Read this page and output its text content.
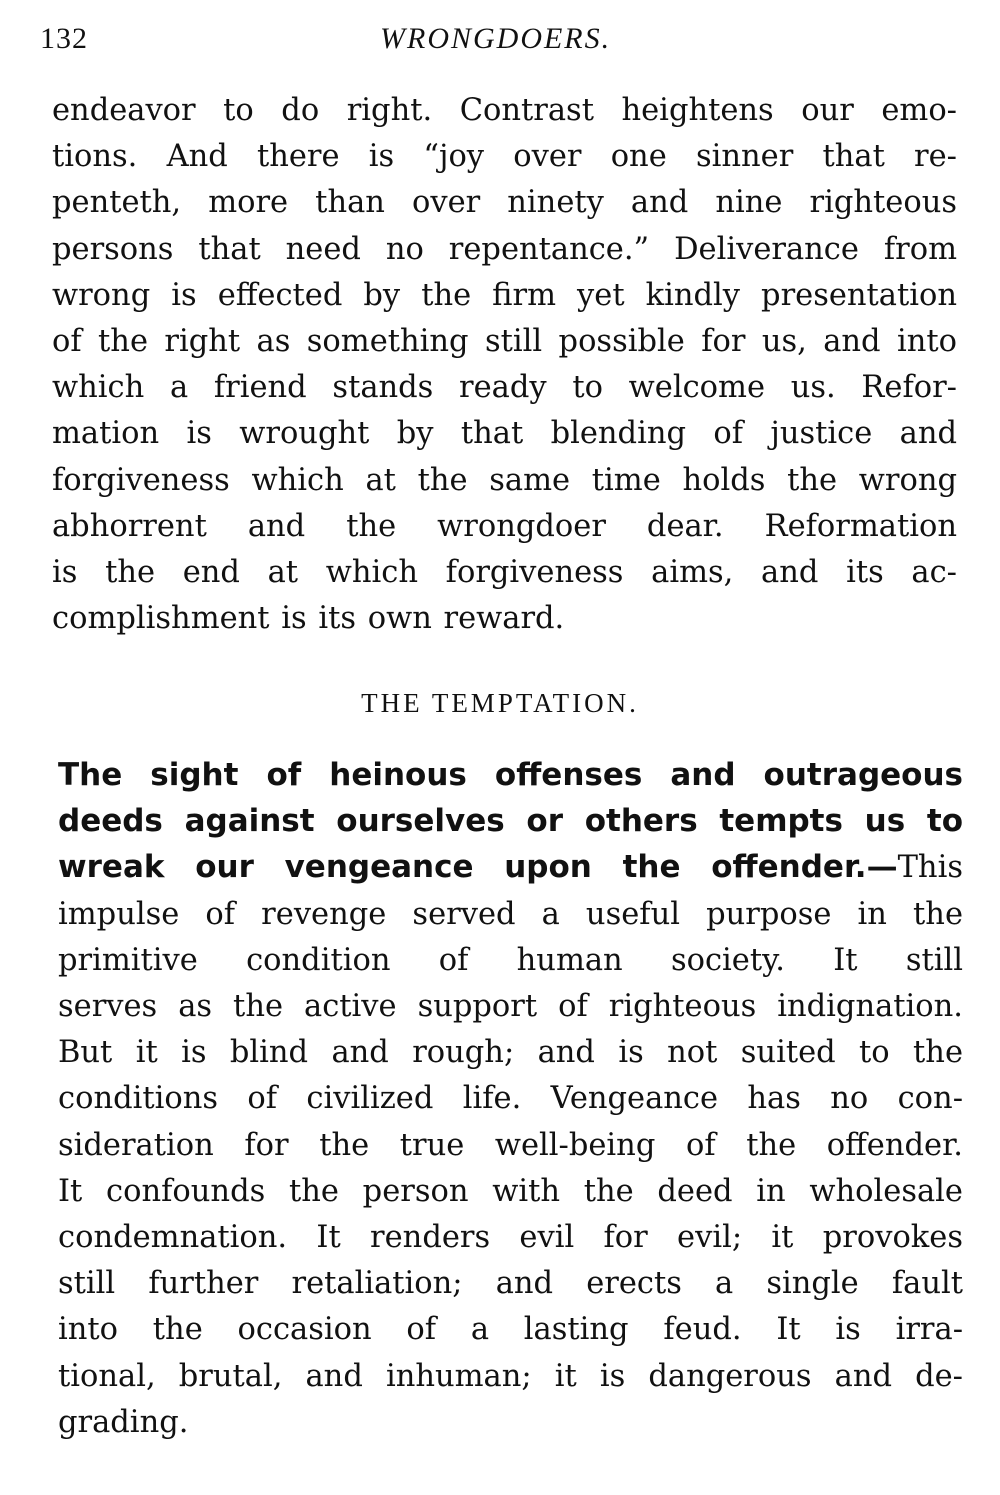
132	WRONGDOERS.
endeavor to do right. Contrast heightens our emo-
tions. And there is “joy over one sinner that re-
penteth, more than over ninety and nine righteous
persons that need no repentance.” Deliverance from
wrong is effected by the firm yet kindly presentation
of the right as something still possible for us, and into
which a friend stands ready to welcome us. Refor-
mation is wrought by that blending of justice and
forgiveness which at the same time holds the wrong
abhorrent and the wrongdoer dear. Reformation
is the end at which forgiveness aims, and its ac-
complishment is its own reward.
THE TEMPTATION.
The sight of heinous offenses and outrageous
deeds against ourselves or others tempts us to
wreak our vengeance upon the offender.—This
impulse of revenge served a useful purpose in the
primitive condition of human society. It still
serves as the active support of righteous indignation.
But it is blind and rough; and is not suited to the
conditions of civilized life. Vengeance has no con-
sideration for the true well-being of the offender.
It confounds the person with the deed in wholesale
condemnation. It renders evil for evil; it provokes
still further retaliation; and erects a single fault
into the occasion of a lasting feud. It is irra-
tional, brutal, and inhuman; it is dangerous and de-
grading.
